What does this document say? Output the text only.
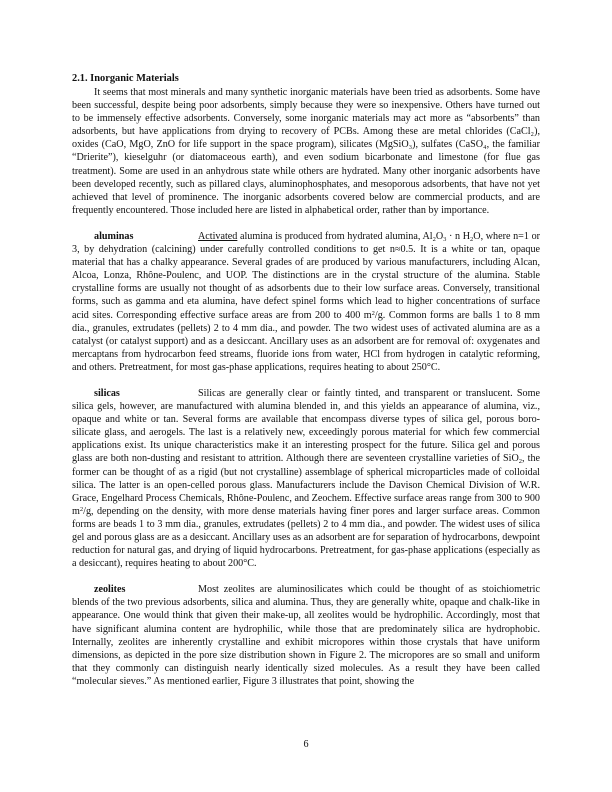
2.1. Inorganic Materials

It seems that most minerals and many synthetic inorganic materials have been tried as adsorbents. Some have been successful, despite being poor adsorbents, simply because they were so inexpensive. Others have turned out to be immensely effective adsorbents. Conversely, some inorganic materials may act more as “absorbents” than adsorbents, but have applications from drying to recovery of PCBs. Among these are metal chlorides (CaCl₂), oxides (CaO, MgO, ZnO for life support in the space program), silicates (MgSiO₃), sulfates (CaSO₄, the familiar “Drierite”), kieselguhr (or diatomaceous earth), and even sodium bicarbonate and limestone (for flue gas treatment). Some are used in an anhydrous state while others are hydrated. Many other inorganic adsorbents have been developed recently, such as pillared clays, aluminophosphates, and mesoporous adsorbents, that have not yet achieved that level of prominence. The inorganic adsorbents covered below are commercial products, and are frequently encountered. Those included here are listed in alphabetical order, rather than by importance.

aluminas	Activated alumina is produced from hydrated alumina, $Al_2O_3 \cdot n$ $H_2O$, where n=1 or 3, by dehydration (calcining) under carefully controlled conditions to get n≈0.5. It is a white or tan, opaque material that has a chalky appearance. Several grades of are produced by various manufacturers, including Alcan, Alcoa, Lonza, Rhône-Poulenc, and UOP. The distinctions are in the crystal structure of the alumina. Stable crystalline forms are usually not thought of as adsorbents due to their low surface areas. Conversely, transitional forms, such as gamma and eta alumina, have defect spinel forms which lead to higher concentrations of surface acid sites. Corresponding effective surface areas are from 200 to 400 $m^2/g$. Common forms are balls 1 to 8 mm dia., granules, extrudates (pellets) 2 to 4 mm dia., and powder. The two widest uses of activated alumina are as a catalyst (or catalyst support) and as a desiccant. Ancillary uses as an adsorbent are for removal of: oxygenates and mercaptans from hydrocarbon feed streams, fluoride ions from water, HCl from hydrogen in catalytic reforming, and others. Pretreatment, for most gas-phase applications, requires heating to about 250°C.

silicas	Silicas are generally clear or faintly tinted, and transparent or translucent. Some silica gels, however, are manufactured with alumina blended in, and this yields an appearance of alumina, viz., opaque and white or tan. Several forms are available that encompass diverse types of silica gel, porous boro-silicate glass, and aerogels. The last is a relatively new, exceedingly porous material for which few commercial applications exist. Its unique characteristics make it an interesting prospect for the future. Silica gel and porous glass are both non-dusting and resistant to attrition. Although there are seventeen crystalline varieties of SiO$_2$, the former can be thought of as a rigid (but not crystalline) assemblage of spherical microparticles made of colloidal silica. The latter is an open-celled porous glass. Manufacturers include the Davison Chemical Division of W.R. Grace, Engelhard Process Chemicals, Rhône-Poulenc, and Zeochem. Effective surface areas range from 300 to 900 $m^2/g$, depending on the density, with more dense materials having finer pores and larger surface areas. Common forms are beads 1 to 3 mm dia., granules, extrudates (pellets) 2 to 4 mm dia., and powder. The widest uses of silica gel and porous glass are as a desiccant. Ancillary uses as an adsorbent are for separation of hydrocarbons, dewpoint reduction for natural gas, and drying of liquid hydrocarbons. Pretreatment, for gas-phase applications (especially as a desiccant), requires heating to about 200°C.

zeolites	Most zeolites are aluminosilicates which could be thought of as stoichiometric blends of the two previous adsorbents, silica and alumina. Thus, they are generally white, opaque and chalk-like in appearance. One would think that given their make-up, all zeolites would be hydrophilic. Accordingly, most that have significant alumina content are hydrophilic, while those that are predominately silica are hydrophobic. Internally, zeolites are inherently crystalline and exhibit micropores within those crystals that have uniform dimensions, as depicted in the pore size distribution shown in Figure 2. The micropores are so small and uniform that they commonly can distinguish nearly identically sized molecules. As a result they have been called “molecular sieves.” As mentioned earlier, Figure 3 illustrates that point, showing the

6
